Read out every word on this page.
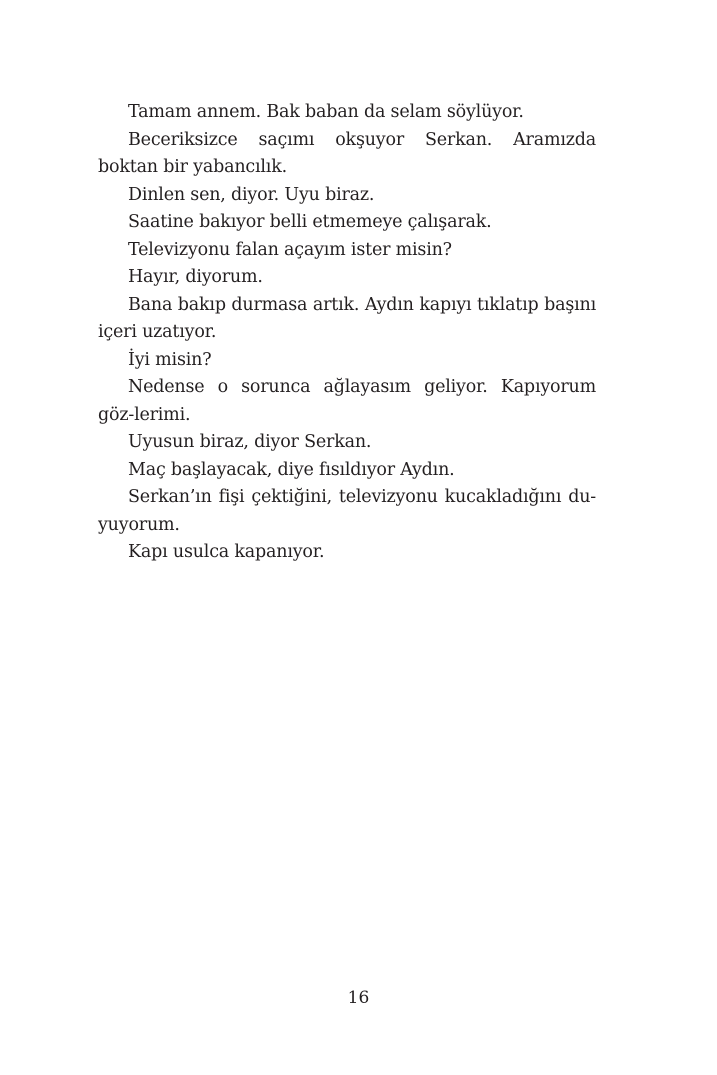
Tamam annem. Bak baban da selam söylüyor.

Beceriksizce saçımı okşuyor Serkan. Aramızda boktan bir yabancılık.

Dinlen sen, diyor. Uyu biraz.

Saatine bakıyor belli etmemeye çalışarak.

Televizyonu falan açayım ister misin?

Hayır, diyorum.

Bana bakıp durmasa artık. Aydın kapıyı tıklatıp başını içeri uzatıyor.

İyi misin?

Nedense o sorunca ağlayasım geliyor. Kapıyorum göz-lerimi.

Uyusun biraz, diyor Serkan.

Maç başlayacak, diye fısıldıyor Aydın.

Serkan’ın fişi çektiğini, televizyonu kucakladığını du-yuyorum.

Kapı usulca kapanıyor.

16
